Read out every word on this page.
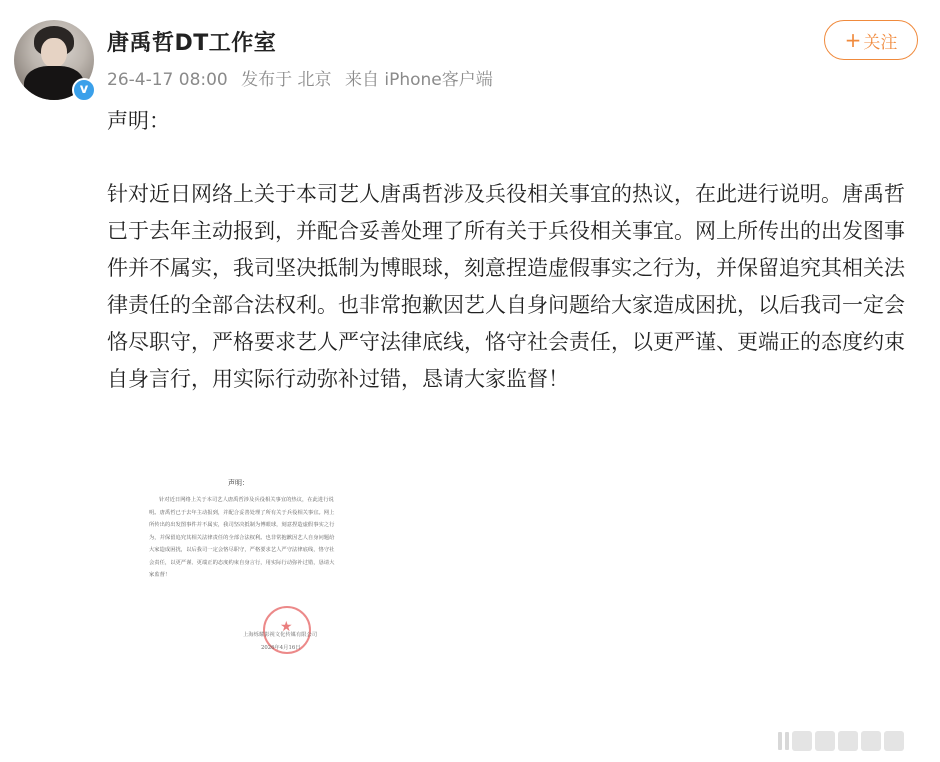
v
唐禹哲DT工作室
26-4-17 08:00 发布于 北京 来自 iPhone客户端
+ 关注

声明：

针对近日网络上关于本司艺人唐禹哲涉及兵役相关事宜的热议，在此进行说明。唐禹哲已于去年主动报到，并配合妥善处理了所有关于兵役相关事宜。网上所传出的出发图事件并不属实，我司坚决抵制为博眼球，刻意捏造虚假事实之行为，并保留追究其相关法律责任的全部合法权利。也非常抱歉因艺人自身问题给大家造成困扰，以后我司一定会恪尽职守，严格要求艺人严守法律底线，恪守社会责任，以更严谨、更端正的态度约束自身言行，用实际行动弥补过错，恳请大家监督！

声明：
针对近日网络上关于本司艺人唐禹哲涉及兵役相关事宜的热议，在此进行说明。唐禹哲已于去年主动报到，并配合妥善处理了所有关于兵役相关事宜。网上所传出的出发图事件并不属实，我司坚决抵制为博眼球，刻意捏造虚假事实之行为，并保留追究其相关法律责任的全部合法权利。也非常抱歉因艺人自身问题给大家造成困扰，以后我司一定会恪尽职守，严格要求艺人严守法律底线，恪守社会责任，以更严谨、更端正的态度约束自身言行，用实际行动弥补过错，恳请大家监督！
★
上海烁耀影视文化传媒有限公司
2026年4月16日
